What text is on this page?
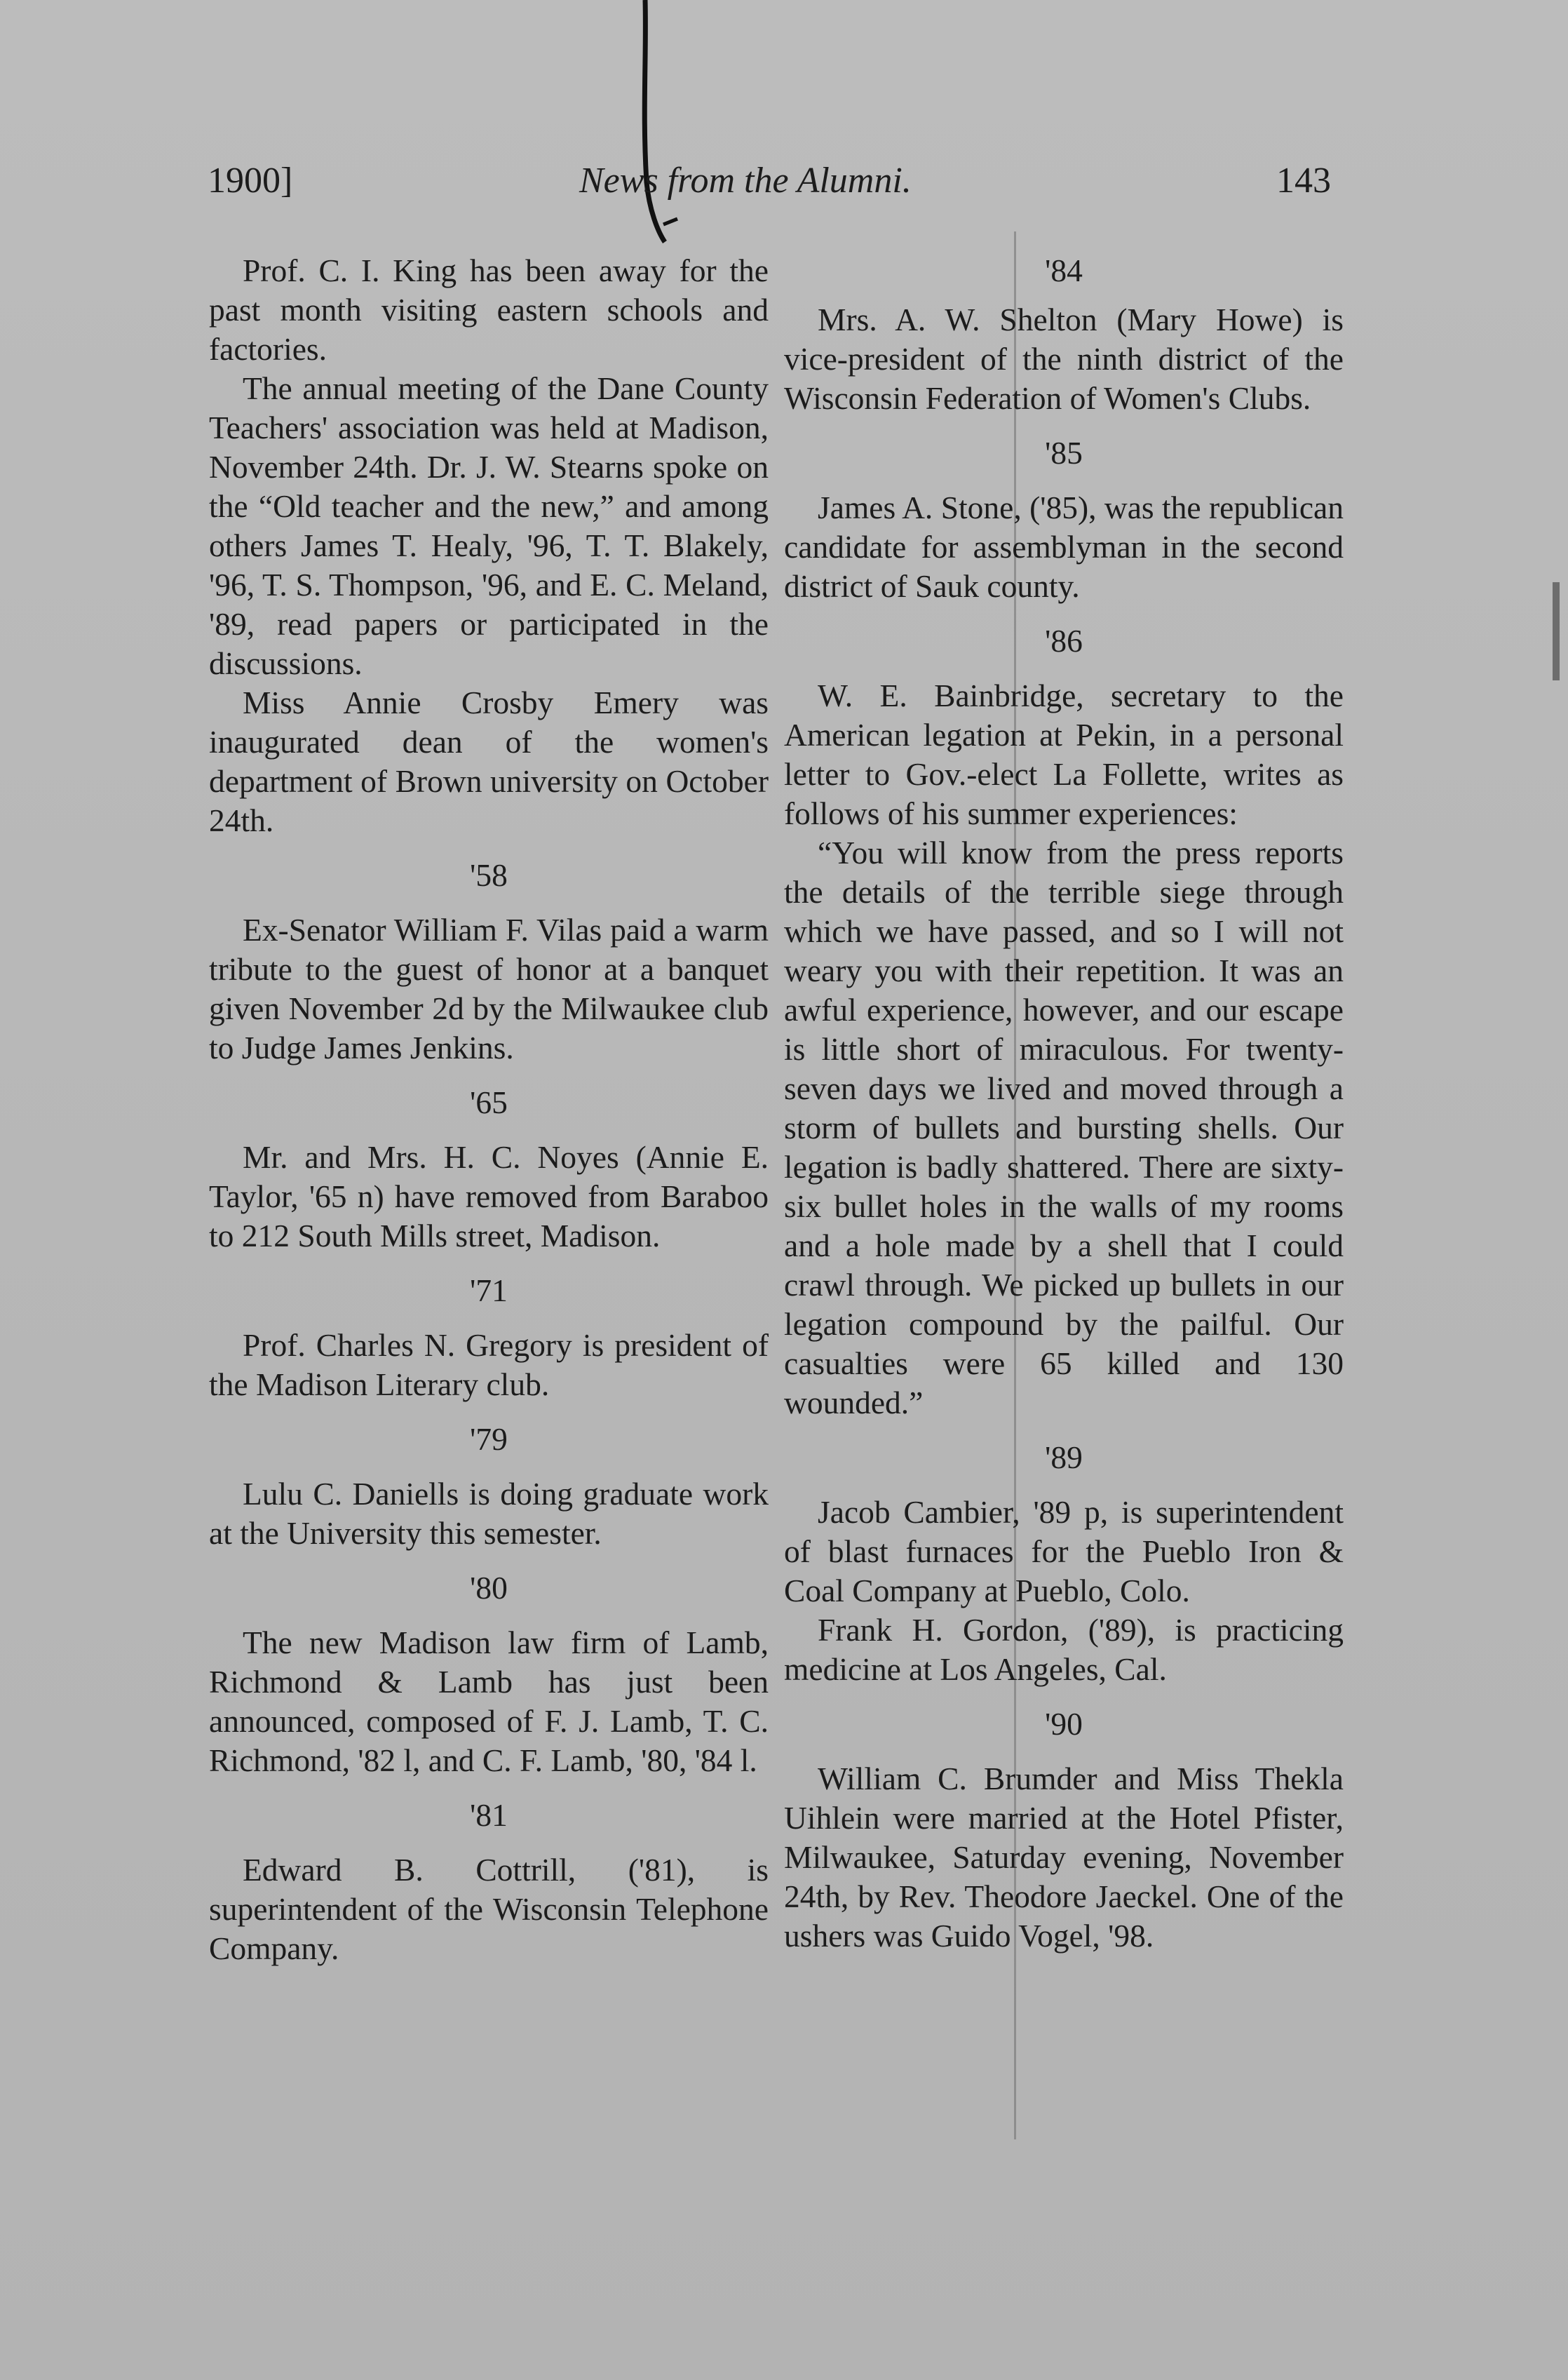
1900]	News from the Alumni.	143

Prof. C. I. King has been away for the past month visiting eastern schools and factories.

The annual meeting of the Dane County Teachers' association was held at Madison, November 24th. Dr. J. W. Stearns spoke on the “Old teacher and the new,” and among others James T. Healy, '96, T. T. Blakely, '96, T. S. Thompson, '96, and E. C. Meland, '89, read papers or participated in the discussions.

Miss Annie Crosby Emery was inaugurated dean of the women's department of Brown university on October 24th.

'58

Ex-Senator William F. Vilas paid a warm tribute to the guest of honor at a banquet given November 2d by the Milwaukee club to Judge James Jenkins.

'65

Mr. and Mrs. H. C. Noyes (Annie E. Taylor, '65 n) have removed from Baraboo to 212 South Mills street, Madison.

'71

Prof. Charles N. Gregory is president of the Madison Literary club.

'79

Lulu C. Daniells is doing graduate work at the University this semester.

'80

The new Madison law firm of Lamb, Richmond & Lamb has just been announced, composed of F. J. Lamb, T. C. Richmond, '82 l, and C. F. Lamb, '80, '84 l.

'81

Edward B. Cottrill, ('81), is superintendent of the Wisconsin Telephone Company.

'84

Mrs. A. W. Shelton (Mary Howe) is vice-president of the ninth district of the Wisconsin Federation of Women's Clubs.

'85

James A. Stone, ('85), was the republican candidate for assemblyman in the second district of Sauk county.

'86

W. E. Bainbridge, secretary to the American legation at Pekin, in a personal letter to Gov.-elect La Follette, writes as follows of his summer experiences:

“You will know from the press reports the details of the terrible siege through which we have passed, and so I will not weary you with their repetition. It was an awful experience, however, and our escape is little short of miraculous. For twenty-seven days we lived and moved through a storm of bullets and bursting shells. Our legation is badly shattered. There are sixty-six bullet holes in the walls of my rooms and a hole made by a shell that I could crawl through. We picked up bullets in our legation compound by the pailful. Our casualties were 65 killed and 130 wounded.”

'89

Jacob Cambier, '89 p, is superintendent of blast furnaces for the Pueblo Iron & Coal Company at Pueblo, Colo.

Frank H. Gordon, ('89), is practicing medicine at Los Angeles, Cal.

'90

William C. Brumder and Miss Thekla Uihlein were married at the Hotel Pfister, Milwaukee, Saturday evening, November 24th, by Rev. Theodore Jaeckel. One of the ushers was Guido Vogel, '98.
